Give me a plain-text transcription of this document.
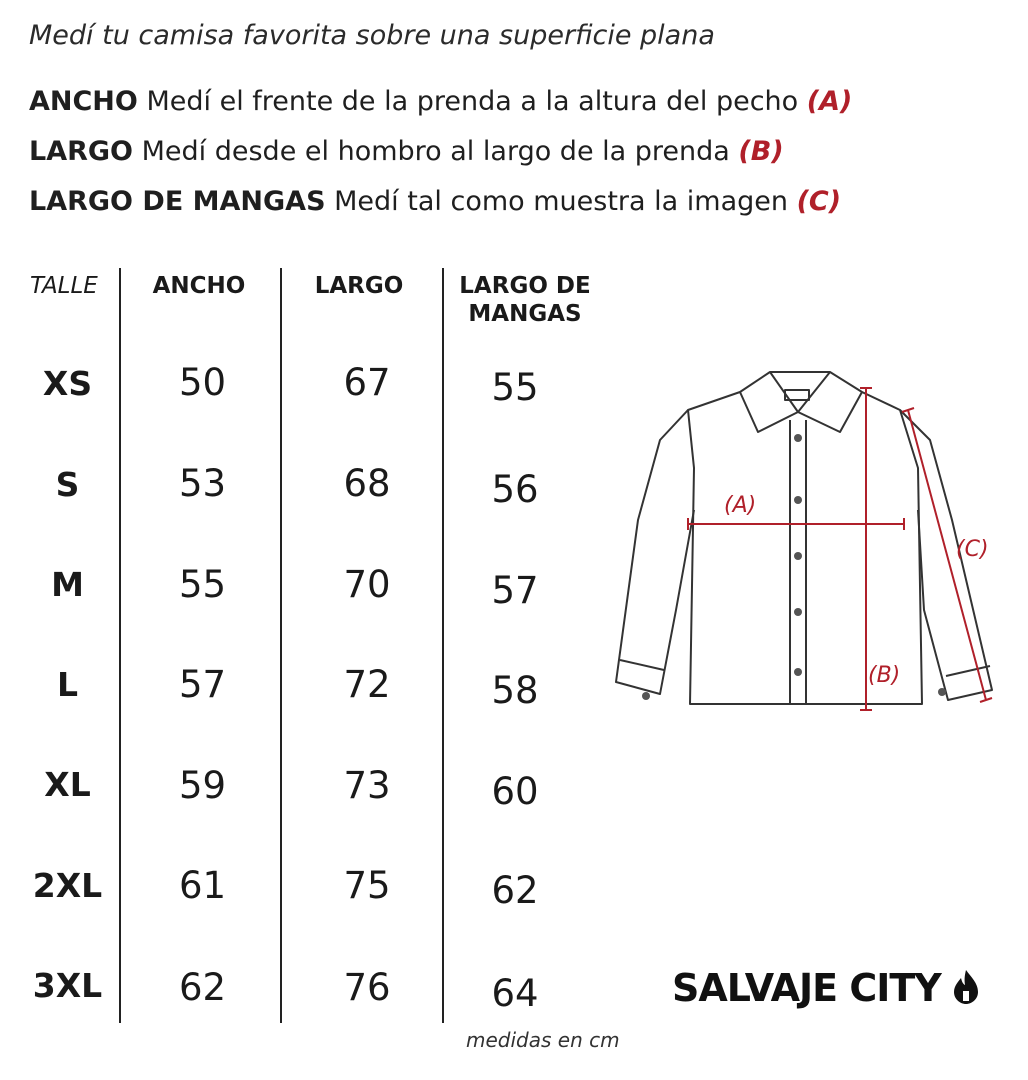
Medí tu camisa favorita sobre una superficie plana
ANCHO Medí el frente de la prenda a la altura del pecho (A)
LARGO Medí desde el hombro al largo de la prenda (B)
LARGO DE MANGAS Medí tal como muestra la imagen (C)
TALLE	ANCHO	LARGO	LARGO DE
MANGAS
XS	50	67	55
S	53	68	56
M	55	70	57
L	57	72	58
XL	59	73	60
2XL	61	75	62
3XL	62	76	64
(A)
(B)
(C)
SALVAJE CITY
medidas en cm
